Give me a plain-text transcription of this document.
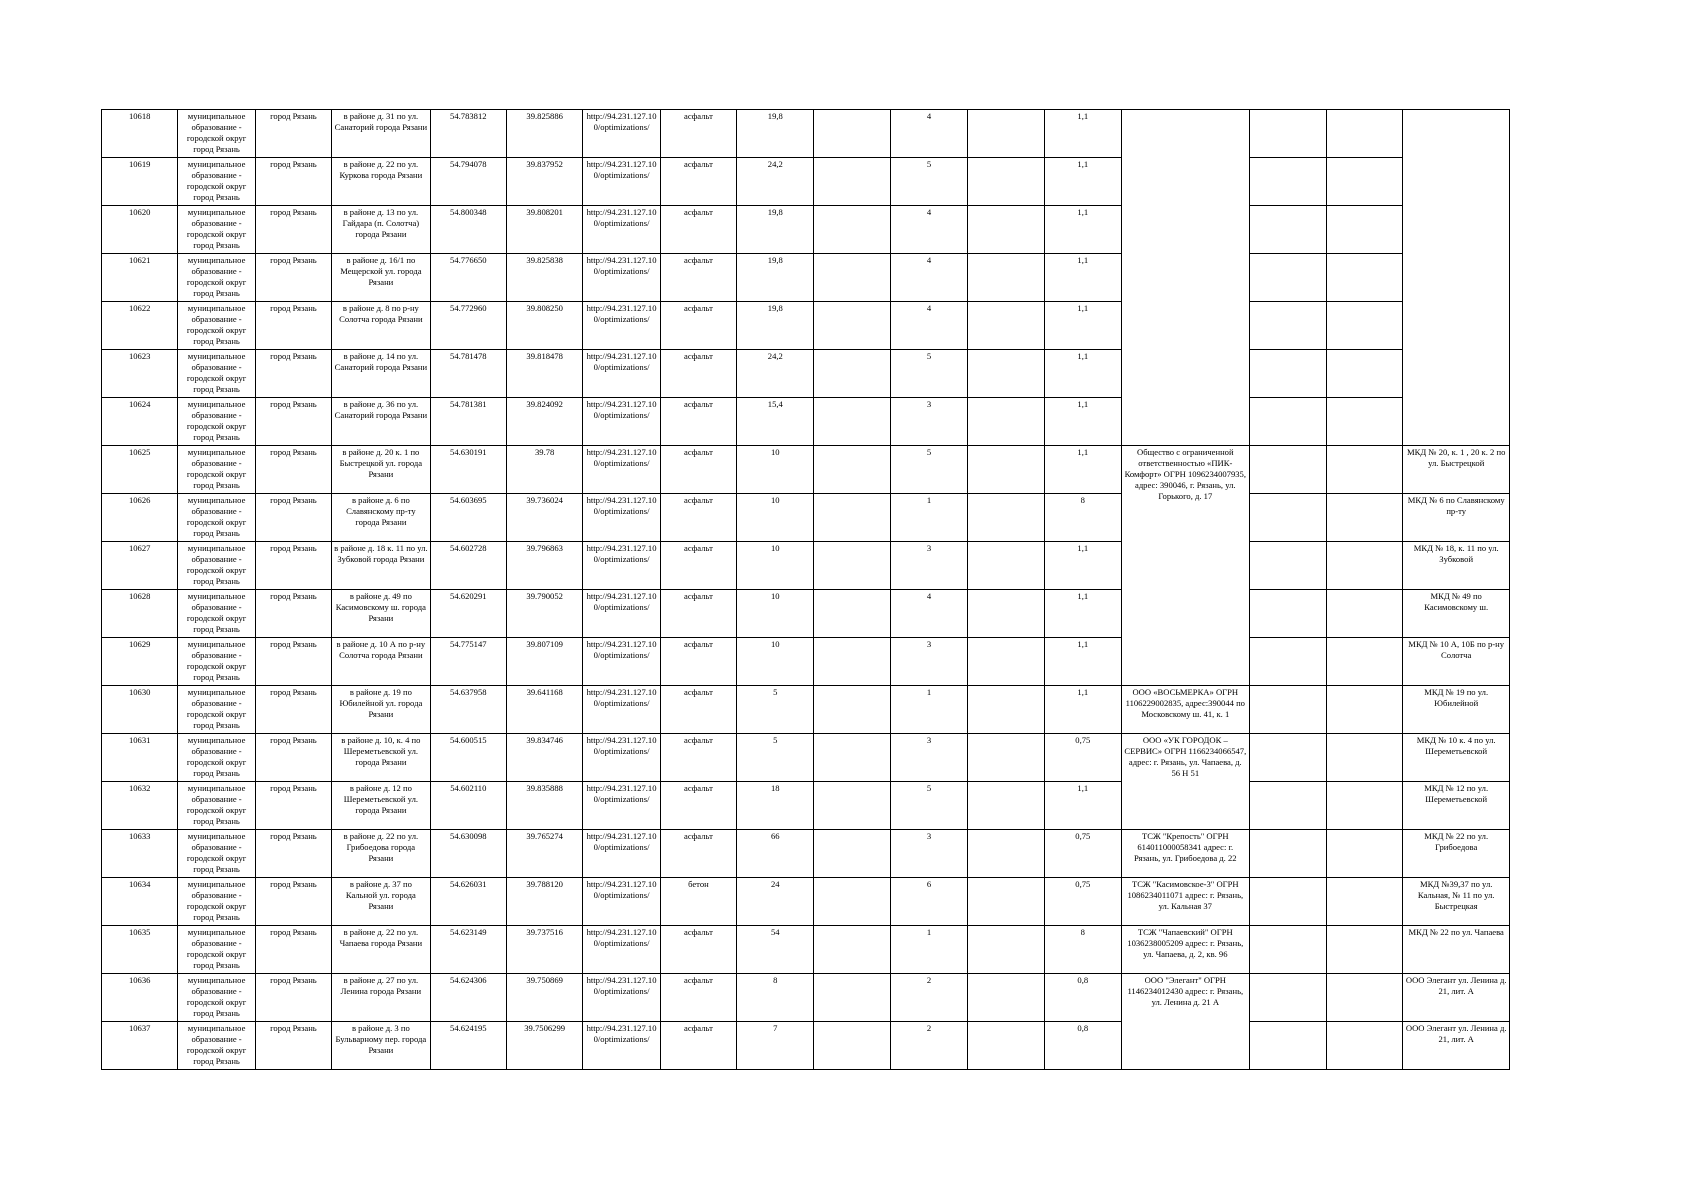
10618	муниципальное образование - городской округ город Рязань	город Рязань	в районе д. 31 по ул. Санаторий города Рязани	54.783812	39.825886	http://94.231.127.100/optimizations/	асфальт	19,8		4		1,1				
10619	муниципальное образование - городской округ город Рязань	город Рязань	в районе д. 22 по ул. Куркова города Рязани	54.794078	39.837952	http://94.231.127.100/optimizations/	асфальт	24,2		5		1,1				
10620	муниципальное образование - городской округ город Рязань	город Рязань	в районе д. 13 по ул. Гайдара (п. Солотча) города Рязани	54.800348	39.808201	http://94.231.127.100/optimizations/	асфальт	19,8		4		1,1				
10621	муниципальное образование - городской округ город Рязань	город Рязань	в районе д. 16/1 по Мещерской ул. города Рязани	54.776650	39.825838	http://94.231.127.100/optimizations/	асфальт	19,8		4		1,1				
10622	муниципальное образование - городской округ город Рязань	город Рязань	в районе д. 8 по р-ну Солотча города Рязани	54.772960	39.808250	http://94.231.127.100/optimizations/	асфальт	19,8		4		1,1				
10623	муниципальное образование - городской округ город Рязань	город Рязань	в районе д. 14 по ул. Санаторий города Рязани	54.781478	39.818478	http://94.231.127.100/optimizations/	асфальт	24,2		5		1,1				
10624	муниципальное образование - городской округ город Рязань	город Рязань	в районе д. 36 по ул. Санаторий города Рязани	54.781381	39.824092	http://94.231.127.100/optimizations/	асфальт	15,4		3		1,1				
10625	муниципальное образование - городской округ город Рязань	город Рязань	в районе д. 20 к. 1 по Быстрецкой ул. города Рязани	54.630191	39.78	http://94.231.127.100/optimizations/	асфальт	10		5		1,1	Общество с ограниченной ответственностью «ПИК-Комфорт» ОГРН 1096234007935, адрес: 390046, г. Рязань, ул. Горького, д. 17			МКД № 20, к. 1 , 20 к. 2 по ул. Быстрецкой
10626	муниципальное образование - городской округ город Рязань	город Рязань	в районе д. 6 по Славянскому пр-ту города Рязани	54.603695	39.736024	http://94.231.127.100/optimizations/	асфальт	10		1		8				МКД № 6 по Славянскому пр-ту
10627	муниципальное образование - городской округ город Рязань	город Рязань	в районе д. 18 к. 11 по ул. Зубковой города Рязани	54.602728	39.796863	http://94.231.127.100/optimizations/	асфальт	10		3		1,1				МКД № 18, к. 11 по ул. Зубковой
10628	муниципальное образование - городской округ город Рязань	город Рязань	в районе д. 49 по Касимовскому ш. города Рязани	54.620291	39.790052	http://94.231.127.100/optimizations/	асфальт	10		4		1,1				МКД № 49 по Касимовскому ш.
10629	муниципальное образование - городской округ город Рязань	город Рязань	в районе д. 10 А по р-ну Солотча города Рязани	54.775147	39.807109	http://94.231.127.100/optimizations/	асфальт	10		3		1,1				МКД № 10 А, 10Б по р-ну Солотча
10630	муниципальное образование - городской округ город Рязань	город Рязань	в районе д. 19 по Юбилейной ул. города Рязани	54.637958	39.641168	http://94.231.127.100/optimizations/	асфальт	5		1		1,1	ООО «ВОСЬМЕРКА» ОГРН 1106229002835, адрес:390044 по Московскому ш. 41, к. 1			МКД № 19 по ул. Юбилейной
10631	муниципальное образование - городской округ город Рязань	город Рязань	в районе д. 10, к. 4 по Шереметьевской ул. города Рязани	54.600515	39.834746	http://94.231.127.100/optimizations/	асфальт	5		3		0,75	ООО «УК ГОРОДОК – СЕРВИС» ОГРН 1166234066547, адрес: г. Рязань, ул. Чапаева, д. 56 Н 51			МКД № 10 к. 4 по ул. Шереметьевской
10632	муниципальное образование - городской округ город Рязань	город Рязань	в районе д. 12 по Шереметьевской ул. города Рязани	54.602110	39.835888	http://94.231.127.100/optimizations/	асфальт	18		5		1,1				МКД № 12 по ул. Шереметьевской
10633	муниципальное образование - городской округ город Рязань	город Рязань	в районе д. 22 по ул. Грибоедова города Рязани	54.630098	39.765274	http://94.231.127.100/optimizations/	асфальт	66		3		0,75	ТСЖ "Крепость" ОГРН 614011000058341 адрес: г. Рязань, ул. Грибоедова д. 22			МКД № 22 по ул. Грибоедова
10634	муниципальное образование - городской округ город Рязань	город Рязань	в районе д. 37 по Кальной ул. города Рязани	54.626031	39.788120	http://94.231.127.100/optimizations/	бетон	24		6		0,75	ТСЖ "Касимовское-3" ОГРН 1086234011071 адрес: г. Рязань, ул. Кальная 37			МКД №39,37 по ул. Кальная, № 11 по ул. Быстрецкая
10635	муниципальное образование - городской округ город Рязань	город Рязань	в районе д. 22 по ул. Чапаева города Рязани	54.623149	39.737516	http://94.231.127.100/optimizations/	асфальт	54		1		8	ТСЖ "Чапаевский" ОГРН 1036238005209 адрес: г. Рязань, ул. Чапаева, д. 2, кв. 96			МКД № 22 по ул. Чапаева
10636	муниципальное образование - городской округ город Рязань	город Рязань	в районе д. 27 по ул. Ленина города Рязани	54.624306	39.750869	http://94.231.127.100/optimizations/	асфальт	8		2		0,8	ООО "Элегант" ОГРН 1146234012430 адрес: г. Рязань, ул. Ленина д. 21 А			ООО Элегант ул. Ленина д. 21, лит. А
10637	муниципальное образование - городской округ город Рязань	город Рязань	в районе д. 3 по Бульварному пер. города Рязани	54.624195	39.7506299	http://94.231.127.100/optimizations/	асфальт	7		2		0,8				ООО Элегант ул. Ленина д. 21, лит. А
